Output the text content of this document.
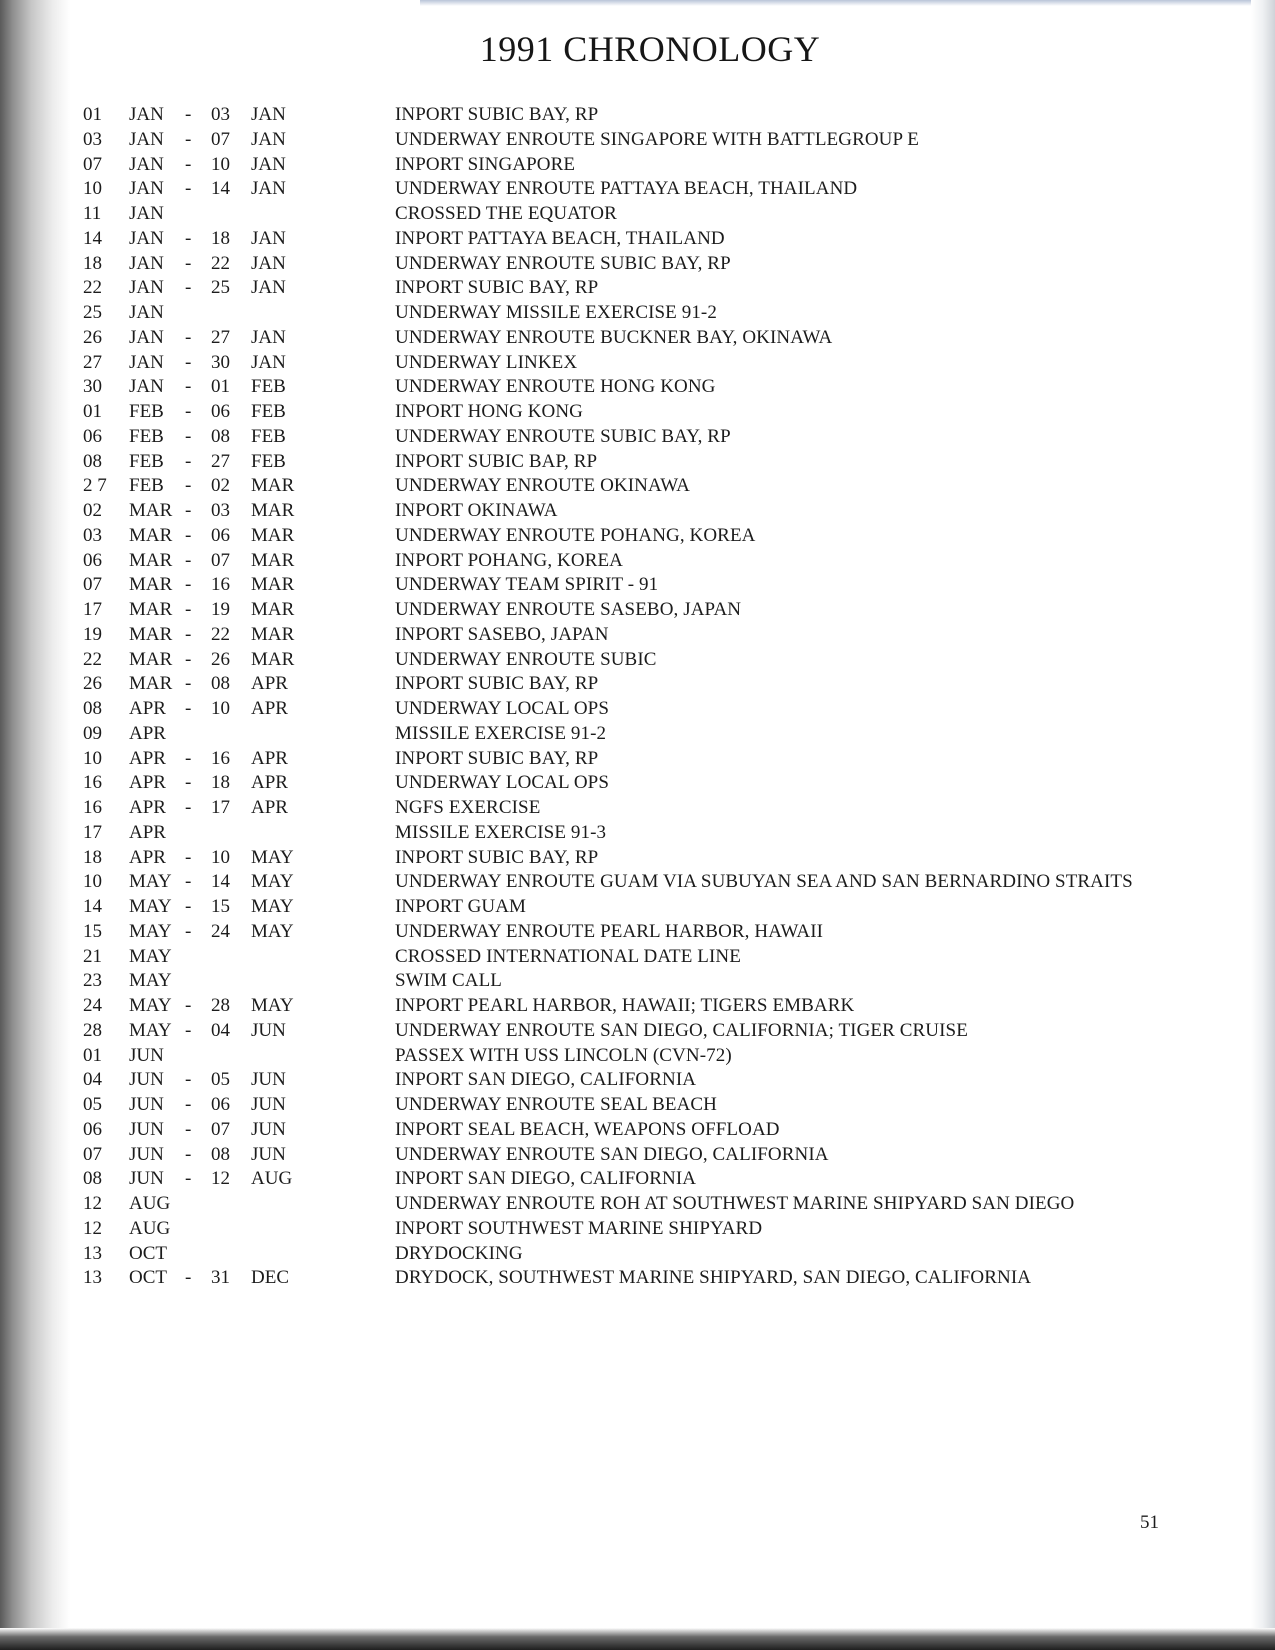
1991 CHRONOLOGY
01	JAN - 03 JAN	INPORT SUBIC BAY, RP
03	JAN - 07 JAN	UNDERWAY ENROUTE SINGAPORE WITH BATTLEGROUP E
07	JAN - 10 JAN	INPORT SINGAPORE
10	JAN - 14 JAN	UNDERWAY ENROUTE PATTAYA BEACH, THAILAND
11	JAN	CROSSED THE EQUATOR
14	JAN - 18 JAN	INPORT PATTAYA BEACH, THAILAND
18	JAN - 22 JAN	UNDERWAY ENROUTE SUBIC BAY, RP
22	JAN - 25 JAN	INPORT SUBIC BAY, RP
25	JAN	UNDERWAY MISSILE EXERCISE 91-2
26	JAN - 27 JAN	UNDERWAY ENROUTE BUCKNER BAY, OKINAWA
27	JAN - 30 JAN	UNDERWAY LINKEX
30	JAN - 01 FEB	UNDERWAY ENROUTE HONG KONG
01	FEB - 06 FEB	INPORT HONG KONG
06	FEB - 08 FEB	UNDERWAY ENROUTE SUBIC BAY, RP
08	FEB - 27 FEB	INPORT SUBIC BAP, RP
2 7 FEB - 02 MAR	UNDERWAY ENROUTE OKINAWA
02	MAR - 03 MAR	INPORT OKINAWA
03	MAR - 06 MAR	UNDERWAY ENROUTE POHANG, KOREA
06	MAR - 07 MAR	INPORT POHANG, KOREA
07	MAR - 16 MAR	UNDERWAY TEAM SPIRIT - 91
17	MAR - 19 MAR	UNDERWAY ENROUTE SASEBO, JAPAN
19	MAR - 22 MAR	INPORT SASEBO, JAPAN
22	MAR - 26 MAR	UNDERWAY ENROUTE SUBIC
26	MAR - 08 APR	INPORT SUBIC BAY, RP
08	APR - 10 APR	UNDERWAY LOCAL OPS
09	APR	MISSILE EXERCISE 91-2
10	APR - 16 APR	INPORT SUBIC BAY, RP
16	APR - 18 APR	UNDERWAY LOCAL OPS
16	APR - 17 APR	NGFS EXERCISE
17	APR	MISSILE EXERCISE 91-3
18	APR - 10 MAY	INPORT SUBIC BAY, RP
10	MAY - 14 MAY	UNDERWAY ENROUTE GUAM VIA SUBUYAN SEA AND SAN BERNARDINO STRAITS
14	MAY - 15 MAY	INPORT GUAM
15	MAY - 24 MAY	UNDERWAY ENROUTE PEARL HARBOR, HAWAII
21	MAY	CROSSED INTERNATIONAL DATE LINE
23	MAY	SWIM CALL
24	MAY - 28 MAY	INPORT PEARL HARBOR, HAWAII; TIGERS EMBARK
28	MAY - 04 JUN	UNDERWAY ENROUTE SAN DIEGO, CALIFORNIA; TIGER CRUISE
01	JUN	PASSEX WITH USS LINCOLN (CVN-72)
04	JUN - 05 JUN	INPORT SAN DIEGO, CALIFORNIA
05	JUN - 06 JUN	UNDERWAY ENROUTE SEAL BEACH
06	JUN - 07 JUN	INPORT SEAL BEACH, WEAPONS OFFLOAD
07	JUN - 08 JUN	UNDERWAY ENROUTE SAN DIEGO, CALIFORNIA
08	JUN - 12 AUG	INPORT SAN DIEGO, CALIFORNIA
12	AUG	UNDERWAY ENROUTE ROH AT SOUTHWEST MARINE SHIPYARD SAN DIEGO
12	AUG	INPORT SOUTHWEST MARINE SHIPYARD
13	OCT	DRYDOCKING
13	OCT - 31 DEC	DRYDOCK, SOUTHWEST MARINE SHIPYARD, SAN DIEGO, CALIFORNIA
51
